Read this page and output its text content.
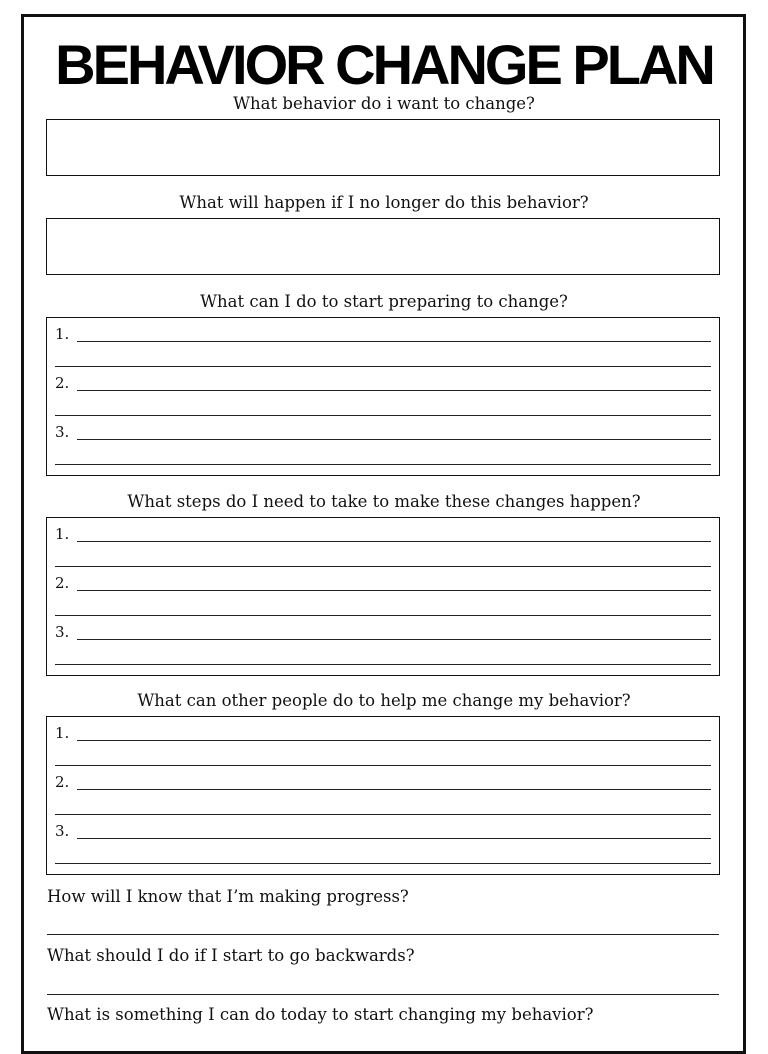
BEHAVIOR CHANGE PLAN
What behavior do i want to change?
What will happen if I no longer do this behavior?
What can I do to start preparing to change?
1.
2.
3.
What steps do I need to take to make these changes happen?
1.
2.
3.
What can other people do to help me change my behavior?
1.
2.
3.
How will I know that I’m making progress?
What should I do if I start to go backwards?
What is something I can do today to start changing my behavior?
